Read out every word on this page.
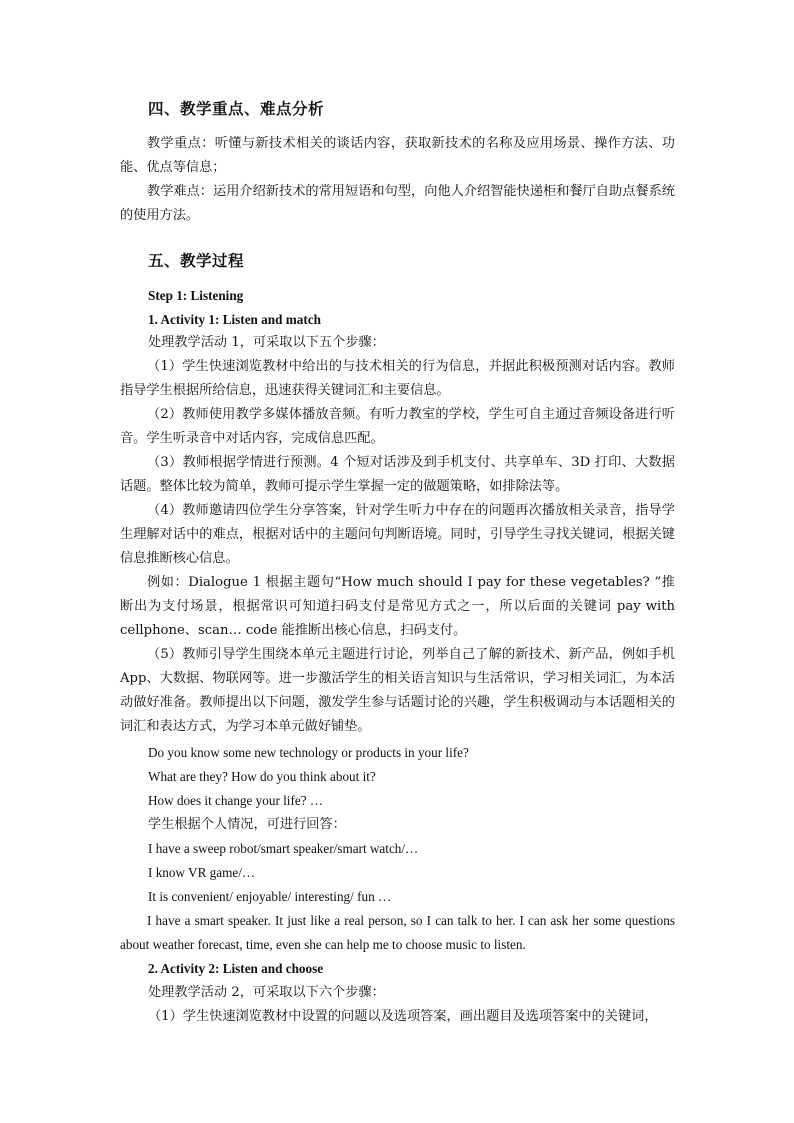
四、教学重点、难点分析
教学重点：听懂与新技术相关的谈话内容，获取新技术的名称及应用场景、操作方法、功能、优点等信息；
教学难点：运用介绍新技术的常用短语和句型，向他人介绍智能快递柜和餐厅自助点餐系统的使用方法。
五、教学过程
Step 1: Listening
1. Activity 1: Listen and match
处理教学活动 1，可采取以下五个步骤：
（1）学生快速浏览教材中给出的与技术相关的行为信息，并据此积极预测对话内容。教师指导学生根据所给信息，迅速获得关键词汇和主要信息。
（2）教师使用教学多媒体播放音频。有听力教室的学校，学生可自主通过音频设备进行听音。学生听录音中对话内容，完成信息匹配。
（3）教师根据学情进行预测。4 个短对话涉及到手机支付、共享单车、3D 打印、大数据话题。整体比较为简单，教师可提示学生掌握一定的做题策略，如排除法等。
（4）教师邀请四位学生分享答案，针对学生听力中存在的问题再次播放相关录音，指导学生理解对话中的难点，根据对话中的主题问句判断语境。同时，引导学生寻找关键词，根据关键信息推断核心信息。
例如：Dialogue 1 根据主题句“How much should I pay for these vegetables? ”推断出为支付场景，根据常识可知道扫码支付是常见方式之一，所以后面的关键词 pay with cellphone、scan… code 能推断出核心信息，扫码支付。
（5）教师引导学生围绕本单元主题进行讨论，列举自己了解的新技术、新产品，例如手机 App、大数据、物联网等。进一步激活学生的相关语言知识与生活常识，学习相关词汇，为本活动做好准备。教师提出以下问题，激发学生参与话题讨论的兴趣，学生积极调动与本话题相关的词汇和表达方式，为学习本单元做好铺垫。
Do you know some new technology or products in your life?
What are they? How do you think about it?
How does it change your life? …
学生根据个人情况，可进行回答：
I have a sweep robot/smart speaker/smart watch/…
I know VR game/…
It is convenient/ enjoyable/ interesting/ fun …
I have a smart speaker. It just like a real person, so I can talk to her. I can ask her some questions about weather forecast, time, even she can help me to choose music to listen.
2. Activity 2: Listen and choose
处理教学活动 2，可采取以下六个步骤：
（1）学生快速浏览教材中设置的问题以及选项答案，画出题目及选项答案中的关键词，
